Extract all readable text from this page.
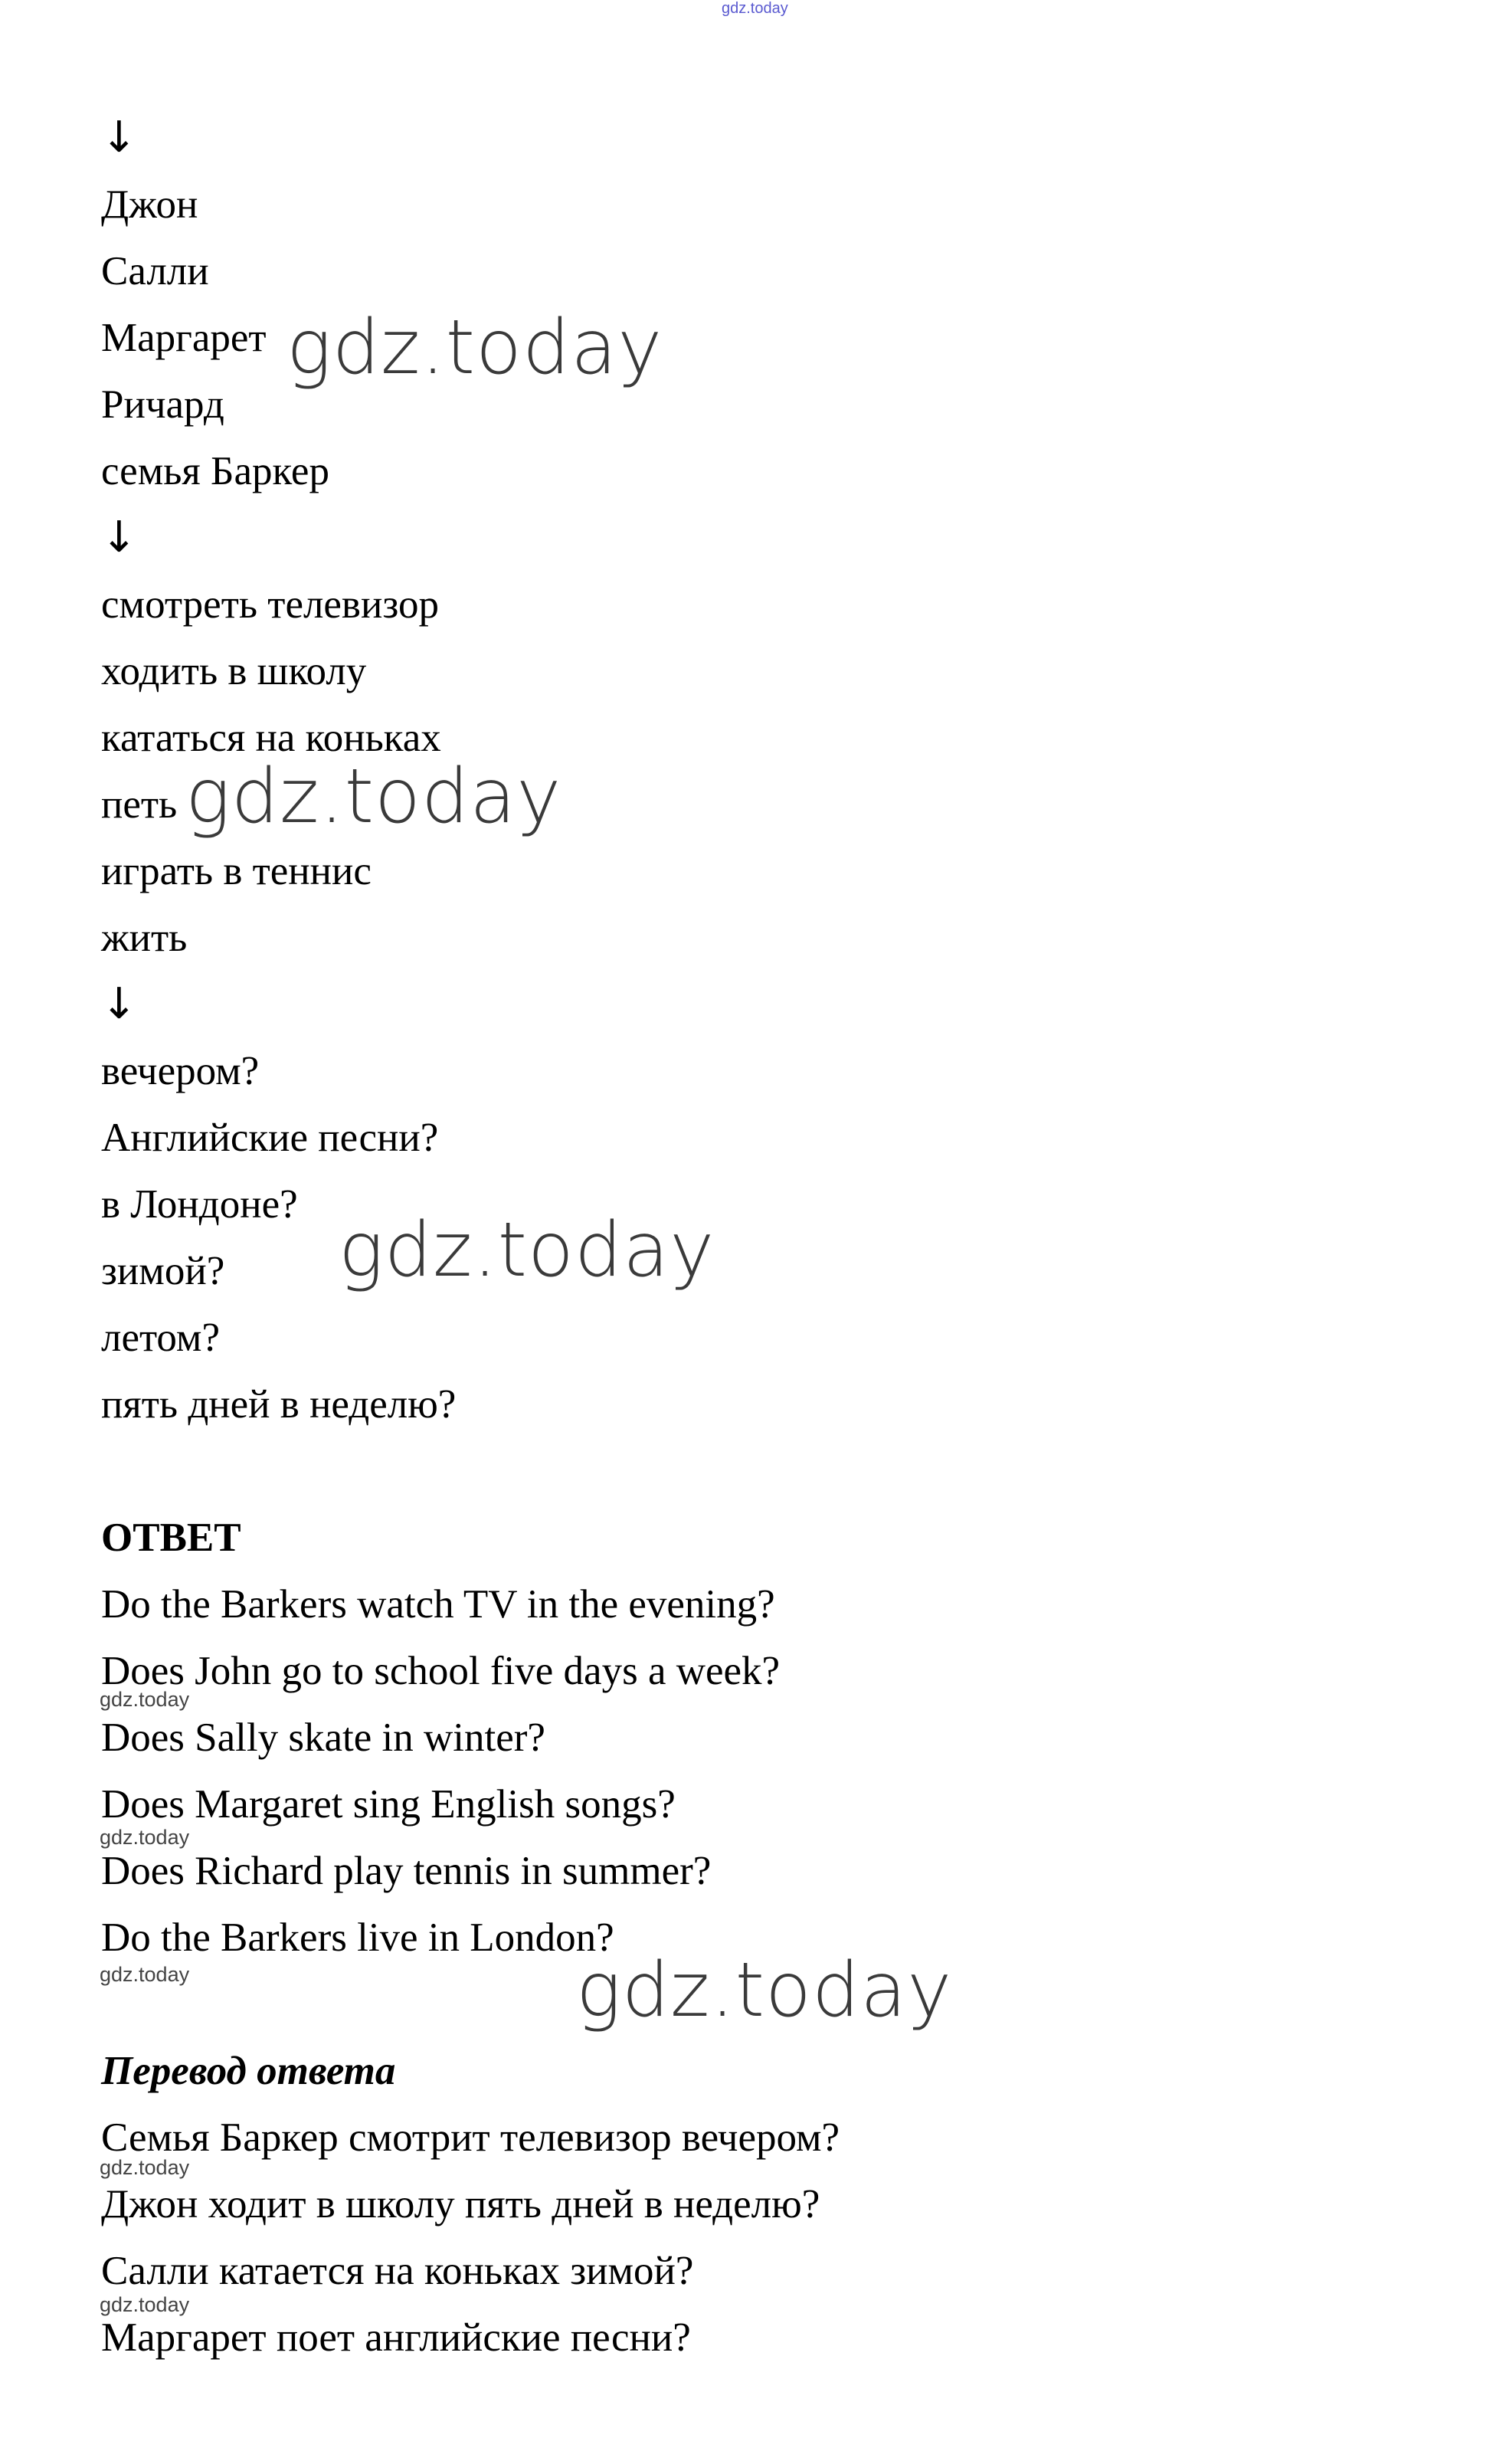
gdz.today
↓
Джон
Салли
Маргарет
Ричард
семья Баркер
↓
смотреть телевизор
ходить в школу
кататься на коньках
петь
играть в теннис
жить
↓
вечером?
Английские песни?
в Лондоне?
зимой?
летом?
пять дней в неделю?
ОТВЕТ
Do the Barkers watch TV in the evening?
Does John go to school five days a week?
Does Sally skate in winter?
Does Margaret sing English songs?
Does Richard play tennis in summer?
Do the Barkers live in London?
Перевод ответа
Семья Баркер смотрит телевизор вечером?
Джон ходит в школу пять дней в неделю?
Салли катается на коньках зимой?
Маргарет поет английские песни?
gdz.today
gdz.today
gdz.today
gdz.today
gdz.today
gdz.today
gdz.today
gdz.today
gdz.today
